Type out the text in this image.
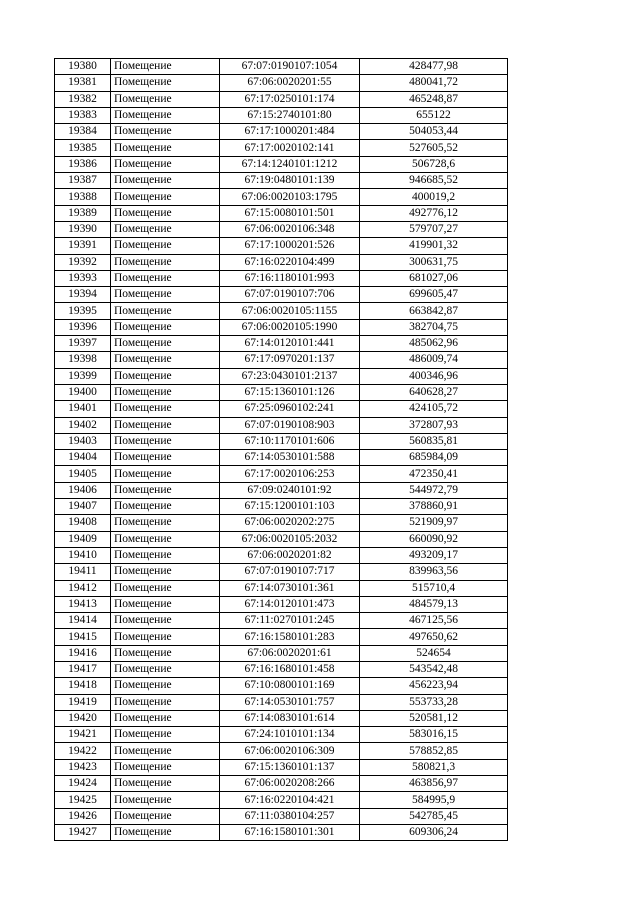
19380	Помещение	67:07:0190107:1054	428477,98
19381	Помещение	67:06:0020201:55	480041,72
19382	Помещение	67:17:0250101:174	465248,87
19383	Помещение	67:15:2740101:80	655122
19384	Помещение	67:17:1000201:484	504053,44
19385	Помещение	67:17:0020102:141	527605,52
19386	Помещение	67:14:1240101:1212	506728,6
19387	Помещение	67:19:0480101:139	946685,52
19388	Помещение	67:06:0020103:1795	400019,2
19389	Помещение	67:15:0080101:501	492776,12
19390	Помещение	67:06:0020106:348	579707,27
19391	Помещение	67:17:1000201:526	419901,32
19392	Помещение	67:16:0220104:499	300631,75
19393	Помещение	67:16:1180101:993	681027,06
19394	Помещение	67:07:0190107:706	699605,47
19395	Помещение	67:06:0020105:1155	663842,87
19396	Помещение	67:06:0020105:1990	382704,75
19397	Помещение	67:14:0120101:441	485062,96
19398	Помещение	67:17:0970201:137	486009,74
19399	Помещение	67:23:0430101:2137	400346,96
19400	Помещение	67:15:1360101:126	640628,27
19401	Помещение	67:25:0960102:241	424105,72
19402	Помещение	67:07:0190108:903	372807,93
19403	Помещение	67:10:1170101:606	560835,81
19404	Помещение	67:14:0530101:588	685984,09
19405	Помещение	67:17:0020106:253	472350,41
19406	Помещение	67:09:0240101:92	544972,79
19407	Помещение	67:15:1200101:103	378860,91
19408	Помещение	67:06:0020202:275	521909,97
19409	Помещение	67:06:0020105:2032	660090,92
19410	Помещение	67:06:0020201:82	493209,17
19411	Помещение	67:07:0190107:717	839963,56
19412	Помещение	67:14:0730101:361	515710,4
19413	Помещение	67:14:0120101:473	484579,13
19414	Помещение	67:11:0270101:245	467125,56
19415	Помещение	67:16:1580101:283	497650,62
19416	Помещение	67:06:0020201:61	524654
19417	Помещение	67:16:1680101:458	543542,48
19418	Помещение	67:10:0800101:169	456223,94
19419	Помещение	67:14:0530101:757	553733,28
19420	Помещение	67:14:0830101:614	520581,12
19421	Помещение	67:24:1010101:134	583016,15
19422	Помещение	67:06:0020106:309	578852,85
19423	Помещение	67:15:1360101:137	580821,3
19424	Помещение	67:06:0020208:266	463856,97
19425	Помещение	67:16:0220104:421	584995,9
19426	Помещение	67:11:0380104:257	542785,45
19427	Помещение	67:16:1580101:301	609306,24
